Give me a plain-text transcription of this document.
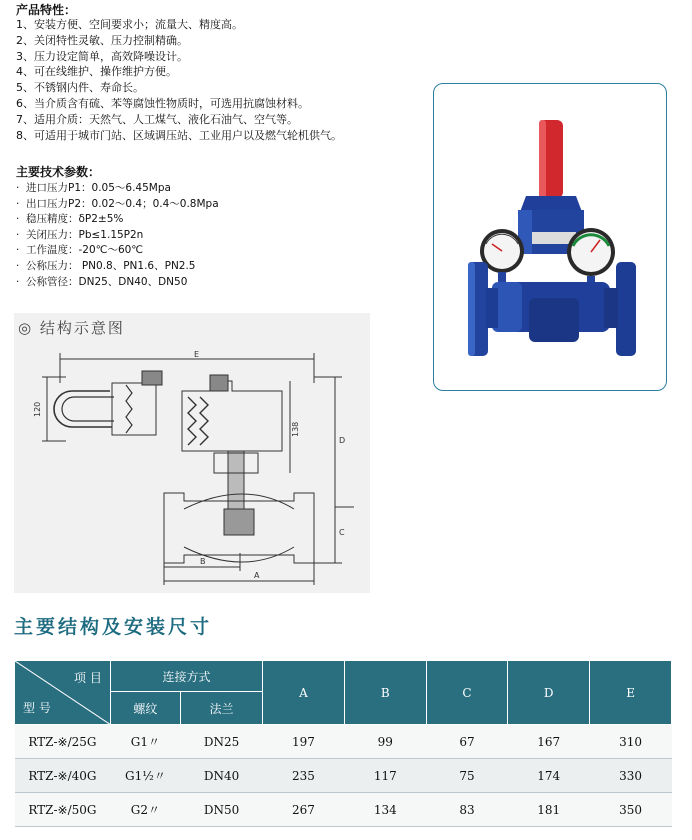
产品特性：
1、安装方便、空间要求小；流量大、精度高。
2、关闭特性灵敏、压力控制精确。
3、压力设定简单，高效降噪设计。
4、可在线维护、操作维护方便。
5、不锈钢内件、寿命长。
6、当介质含有硫、苯等腐蚀性物质时，可选用抗腐蚀材料。
7、适用介质：天然气、人工煤气、液化石油气、空气等。
8、可适用于城市门站、区域调压站、工业用户以及燃气轮机供气。
主要技术参数：
· 进口压力P1：0.05～6.45Mpa
· 出口压力P2：0.02～0.4；0.4～0.8Mpa
· 稳压精度：δP2±5%
· 关闭压力：Pb≤1.15P2n
· 工作温度：-20℃～60℃
· 公称压力： PN0.8、PN1.6、PN2.5
· 公称管径：DN25、DN40、DN50
E
120
138
D
C
B
A
◎ 结构示意图
主要结构及安装尺寸
项 目
型 号	连接方式		A	B	C	D	E
	螺纹	法兰					
RTZ-※/25G	G1〃	DN25	197	99	67	167	310
RTZ-※/40G	G1½〃	DN40	235	117	75	174	330
RTZ-※/50G	G2〃	DN50	267	134	83	181	350
